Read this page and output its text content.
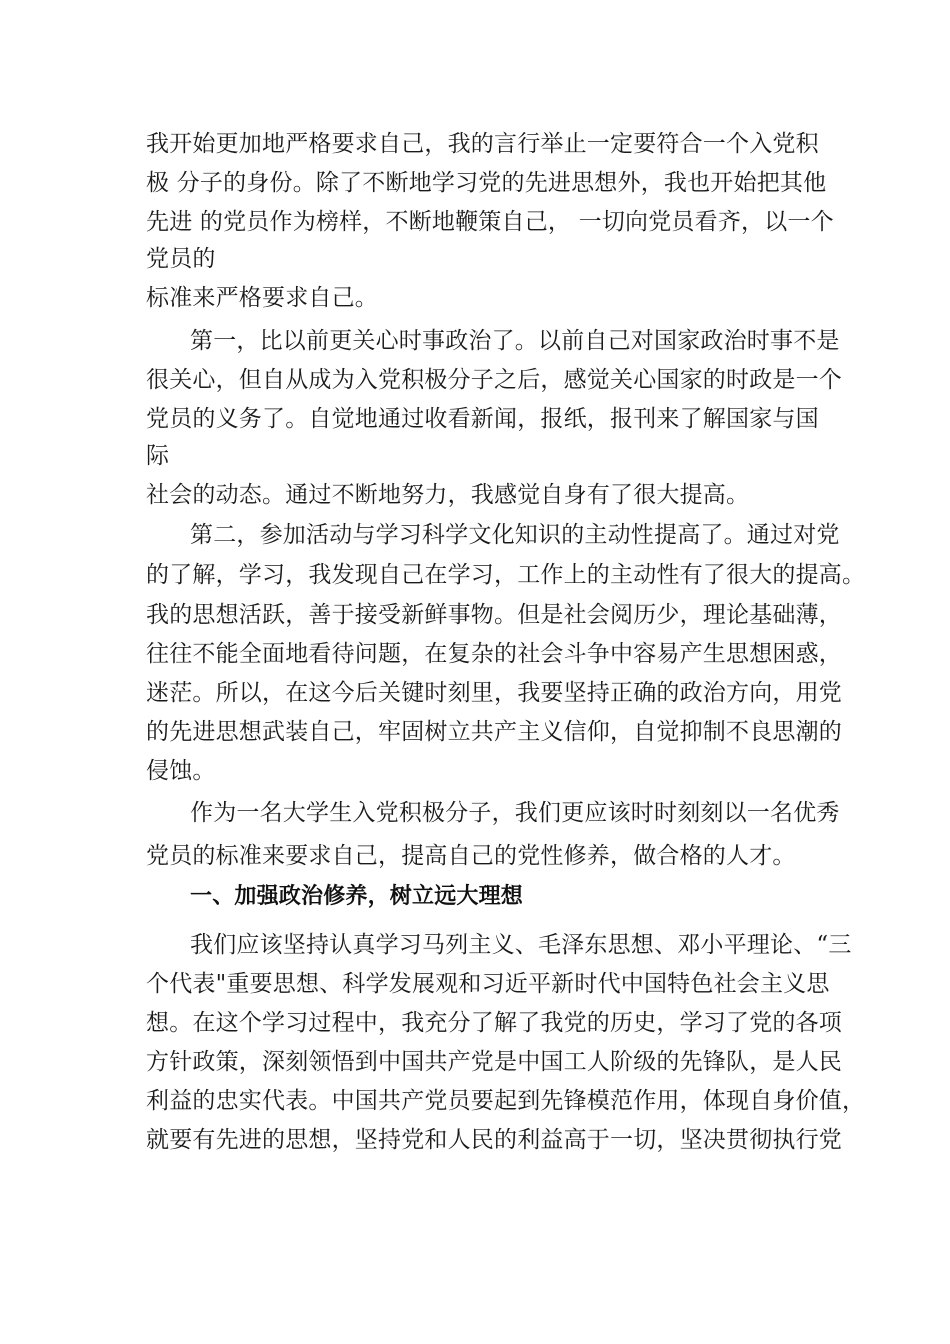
我开始更加地严格要求自己，我的言行举止一定要符合一个入党积
极 分子的身份。除了不断地学习党的先进思想外，我也开始把其他
先进 的党员作为榜样，不断地鞭策自己， 一切向党员看齐，以一个
党员的
标准来严格要求自己。
第一，比以前更关心时事政治了。以前自己对国家政治时事不是
很关心，但自从成为入党积极分子之后，感觉关心国家的时政是一个
党员的义务了。自觉地通过收看新闻，报纸，报刊来了解国家与国
际
社会的动态。通过不断地努力，我感觉自身有了很大提高。
第二，参加活动与学习科学文化知识的主动性提高了。通过对党
的了解，学习，我发现自己在学习，工作上的主动性有了很大的提高。
我的思想活跃，善于接受新鲜事物。但是社会阅历少，理论基础薄，
往往不能全面地看待问题，在复杂的社会斗争中容易产生思想困惑，
迷茫。所以，在这今后关键时刻里，我要坚持正确的政治方向，用党
的先进思想武装自己，牢固树立共产主义信仰，自觉抑制不良思潮的
侵蚀。
作为一名大学生入党积极分子，我们更应该时时刻刻以一名优秀
党员的标准来要求自己，提高自己的党性修养，做合格的人才。
一、加强政治修养，树立远大理想
我们应该坚持认真学习马列主义、毛泽东思想、邓小平理论、“三
个代表"重要思想、科学发展观和习近平新时代中国特色社会主义思
想。在这个学习过程中，我充分了解了我党的历史，学习了党的各项
方针政策，深刻领悟到中国共产党是中国工人阶级的先锋队，是人民
利益的忠实代表。中国共产党员要起到先锋模范作用，体现自身价值，
就要有先进的思想，坚持党和人民的利益高于一切，坚决贯彻执行党
